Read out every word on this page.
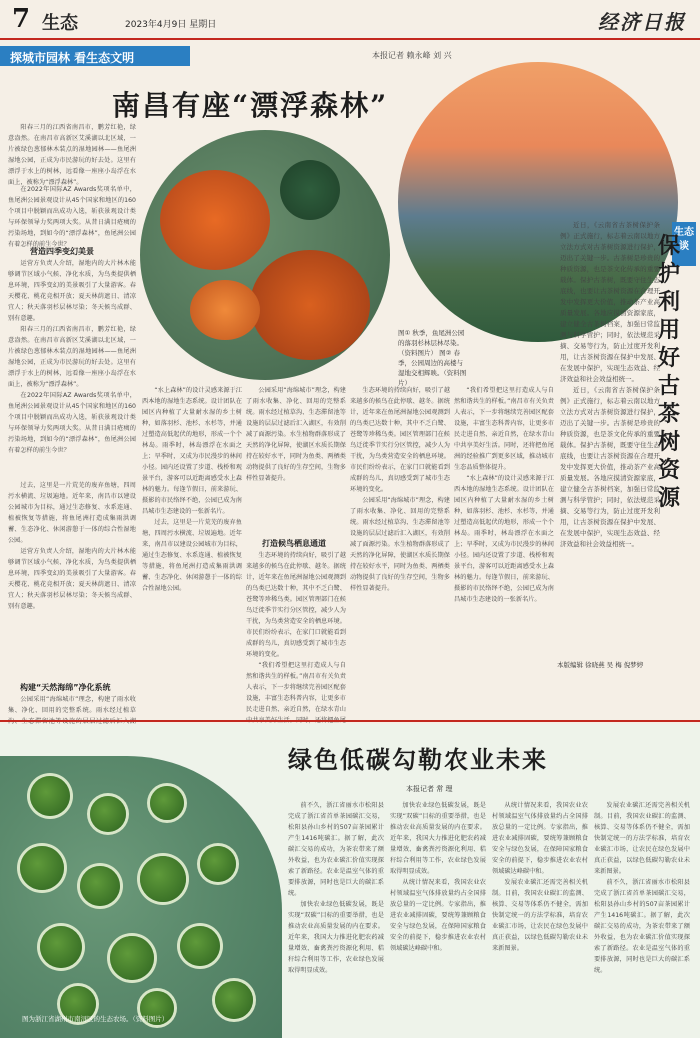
7 生态	2023年4月9日 星期日	经济日报
探城市园林 看生态文明	本报记者 赖永峰 刘 兴
南昌有座“漂浮森林”

阳春三月的江西省南昌市，鹏芳红艳，绿意盎然。在南昌市高新区艾溪湖以北区域，一片被绿色葱郁林木装点的湿地园林——鱼尾洲湿地公园，正成为市民游玩的好去处。这里有漂浮于水上的树林，远看像一座座小岛浮在水面上，被称为“漂浮森林”。

在2022年国际AZ Awards奖项名单中，鱼尾洲公园景观设计从45个国家和地区的160个项目中脱颖而出成功入选，斩获景观设计类与环保领导力奖两项大奖。从昔日满目疮痍的污染场地，到如今的“漂浮森林”，鱼尾洲公园有着怎样的前生今世？

营造四季变幻美景

运营方负责人介绍，湿地内的大片林木能够调节区域小气候、净化水质，为鸟类提供栖息环境，四季变幻的美景吸引了大量游客。春天樱花、桃花竞相开放；夏天林荫遮日、清凉宜人；秋天落羽杉层林尽染；冬天候鸟成群、别有意趣。

阳春三月的江西省南昌市，鹏芳红艳，绿意盎然。在南昌市高新区艾溪湖以北区域，一片被绿色葱郁林木装点的湿地园林——鱼尾洲湿地公园，正成为市民游玩的好去处。这里有漂浮于水上的树林，远看像一座座小岛浮在水面上，被称为“漂浮森林”。

在2022年国际AZ Awards奖项名单中，鱼尾洲公园景观设计从45个国家和地区的160个项目中脱颖而出成功入选，斩获景观设计类与环保领导力奖两项大奖。从昔日满目疮痍的污染场地，到如今的“漂浮森林”，鱼尾洲公园有着怎样的前生今世？

过去，这里是一片荒芜的废弃鱼塘，四周污水横流、垃圾遍地。近年来，南昌市以建设公园城市为目标，通过生态修复、水系连通、植被恢复等措施，将鱼尾洲打造成集雨洪调蓄、生态净化、休闲游憩于一体的综合性湿地公园。

运营方负责人介绍，湿地内的大片林木能够调节区域小气候、净化水质，为鸟类提供栖息环境，四季变幻的美景吸引了大量游客。春天樱花、桃花竞相开放；夏天林荫遮日、清凉宜人；秋天落羽杉层林尽染；冬天候鸟成群、别有意趣。

构建“天然海绵”净化系统

公园采用“海绵城市”理念，构建了雨水收集、净化、回用的完整系统。雨水经过植草

“水上森林”的设计灵感来源于江西本地的湿地生态系统。设计团队在园区内种植了大量耐水湿的乡土树种，如落羽杉、池杉、水杉等，并通过塑造高低起伏的地形，形成一个个林岛。雨季时，林岛漂浮在水面之上；旱季时，又成为市民漫步的林间小径。园内还设置了步道、栈桥和观景平台，游客可以近距离感受水上森林的魅力。每逢节假日，前来游玩、摄影的市民络绎不绝，公园已成为南昌城市生态建设的一张新名片。

过去，这里是一片荒芜的废弃鱼塘，四周污水横流、垃圾遍地。近年来，南昌市以建设公园城市为目标，通过生态修复、水系连通、植被恢复等措施，将鱼尾洲打造成集雨洪调蓄、生态净化、休闲游憩于一体的综合性湿地公园。

公园采用“海绵城市”理念，构建了雨水收集、净化、回用的完整系统。雨水经过植草沟、生态滞留池等设施的层层过滤后汇入湖区，有效削减了面源污染。水生植物群落形成了天然的净化屏障，使湖区水质长期保持在较好水平，同时为鱼类、两栖类动物提供了良好的生存空间，生物多样性显著提升。

打造候鸟栖息通道

生态环境的持续向好，吸引了越来越多的候鸟在此停歇、越冬。据统计，近年来在鱼尾洲湿地公园观测到的鸟类已达数十种，其中不乏白鹭、苍鹭等珍稀鸟类。园区管理部门在候鸟迁徙季节实行分区管控，减少人为干扰，为鸟类营造安全的栖息环境。市民们纷纷表示，在家门口就能看到成群的鸟儿，真切感受到了城市生态环境的变化。

“我们希望把这里打造成人与自然和谐共生的样板。”南昌市有关负责人表示，下一步将继续完善园区配套设施，丰富生态科普内容，让更多市民走进自然、亲近自然，在绿水青山

生态环境的持续向好，吸引了越来越多的候鸟在此停歇、越冬。据统计，近年来在鱼尾洲湿地公园观测到的鸟类已达数十种，其中不乏白鹭、苍鹭等珍稀鸟类。园区管理部门在候鸟迁徙季节实行分区管控，减少人为干扰，为鸟类营造安全的栖息环境。市民们纷纷表示，在家门口就能看到成群的鸟儿，真切感受到了城市生态环境的变化。

公园采用“海绵城市”理念，构建了雨水收集、净化、回用的完整系统。雨水经过植草沟、生态滞留池等设施的层层过滤后汇入湖区，有效削减了面源污染。水生植物群落形成了天然的净化屏障，使湖区水质长期保持在较好水平，同时为鱼类、两栖类动物提供了良好的生存空间，生物多样性显著提升。

“我们希望把这里打造成人与自然和谐共生的样板。”南昌市有关负责人表示，下一步将继续完善园区配套设施，丰富生态科普内容，让更多市民走进自然、亲近自然，在绿水青山中共享美好生活。同时，还将把鱼尾洲的经验推广到更多区域，推动城市生态品质整体提升。

“水上森林”的设计灵感来源于江西本地的湿地生态系统。设计团队在园区内种植了大量耐水湿的乡土树种，如落羽杉、池杉、水杉等，并通过塑造高低起伏的地形，形成一个个林岛。雨季时，林岛漂浮在水面之上；旱季时，又成为市民漫步的林间小径。园内还设置了步道、栈桥和观景平台，游客可以近距离感受水上森林的魅力。每逢节假日，前来游玩、摄影的市民络绎不绝，公园已成为南昌城市生态建设的一张新名片。

图① 秋季，鱼尾洲公园的落羽杉林层林尽染。（资料图片） 图② 春季，公园周边的高楼与湿地交相辉映。（资料图片）
生态谈
保护利用好古茶树资源

近日，《云南省古茶树保护条例》正式施行，标志着云南以地方立法方式对古茶树资源进行保护，迈出了关键一步。古茶树是珍贵的种质资源，也是茶文化传承的重要载体。保护古茶树，既要守住生态底线，也要让古茶树资源在合理开发中发挥更大价值，推动茶产业高质量发展。各地应摸清资源家底，建立健全古茶树档案，加强日常监测与科学管护；同时，依法规范采摘、交易等行为，防止过度开发利用，让古茶树资源在保护中发展、在发展中保护，实现生态效益、经济效益和社会效益相统一。

近日，《云南省古茶树保护条例》正式施行，标志着云南以地方立法方式对古茶树资源进行保护，迈出了关键一步。古茶树是珍贵的种质资源，也是茶文化传承的重要载体。保护古茶树，既要守住生态底线，也要让古茶树资源在合理开发中发挥更大价值，推动茶产业高质量发展。各地应摸清资源家底，建立健全古茶树档案，加强日常监测与科学管护；同时，依法规范采摘、交易等行为，防止过度开发利用，让古茶树资源在保护中发展、在发展中保护，实现生态效益、经济效益和社会效益相统一。

本版编辑 徐晓燕 吴 梅 倪梦婷
图为浙江省湖州市南浔区的生态农场。（资料图片）
绿色低碳勾勒农业未来
本报记者 常 理

前不久，浙江省丽水市松阳县完成了浙江省首单茶园碳汇交易，松阳县孙山乡村的507亩茶园累计产生1416吨碳汇。据了解，此次碳汇交易的成功，为茶农带来了额外收益，也为农业碳汇价值实现探索了新路径。农业是温室气体的重要排放源，同时也是巨大的碳汇系统。

加快农业绿色低碳发展，既是实现“双碳”目标的重要举措，也是推动农业高质量发展的内在要求。近年来，我国大力推进化肥农药减量增效、畜禽粪污资源化利用、秸秆综合利用等工作，农业绿色发展取得明显成效。

加快农业绿色低碳发展，既是实现“双碳”目标的重要举措，也是推动农业高质量发展的内在要求。近年来，我国大力推进化肥农药减量增效、畜禽粪污资源化利用、秸秆综合利用等工作，农业绿色发展取得明显成效。

从统计情况来看，我国农业农村领域温室气体排放量约占全国排放总量的一定比例。专家指出，推进农业减排固碳，要统筹兼顾粮食安全与绿色发展，在保障国家粮食安全的前提下，稳步推进农业农村领域碳达峰碳中和。

从统计情况来看，我国农业农村领域温室气体排放量约占全国排放总量的一定比例。专家指出，推进农业减排固碳，要统筹兼顾粮食安全与绿色发展，在保障国家粮食安全的前提下，稳步推进农业农村领域碳达峰碳中和。

发展农业碳汇还需完善相关机制。目前，我国农业碳汇的监测、核算、交易等体系仍不健全，需加快制定统一的方法学标准，培育农业碳汇市场，让农民在绿色发展中真正获益，以绿色低碳勾勒农业未来新图景。

发展农业碳汇还需完善相关机制。目前，我国农业碳汇的监测、核算、交易等体系仍不健全，需加快制定统一的方法学标准，培育农业碳汇市场，让农民在绿色发展中真正获益，以绿色低碳勾勒农业未来新图景。

前不久，浙江省丽水市松阳县完成了浙江省首单茶园碳汇交易，松阳县孙山乡村的507亩茶园累计产生1416吨碳汇。据了解，此次碳汇交易的成功，为茶农带来了额外收益，也为农业碳汇价值实现探索了新路径。农业是温室气体的重要排放源，同时也是巨大的碳汇系统。
